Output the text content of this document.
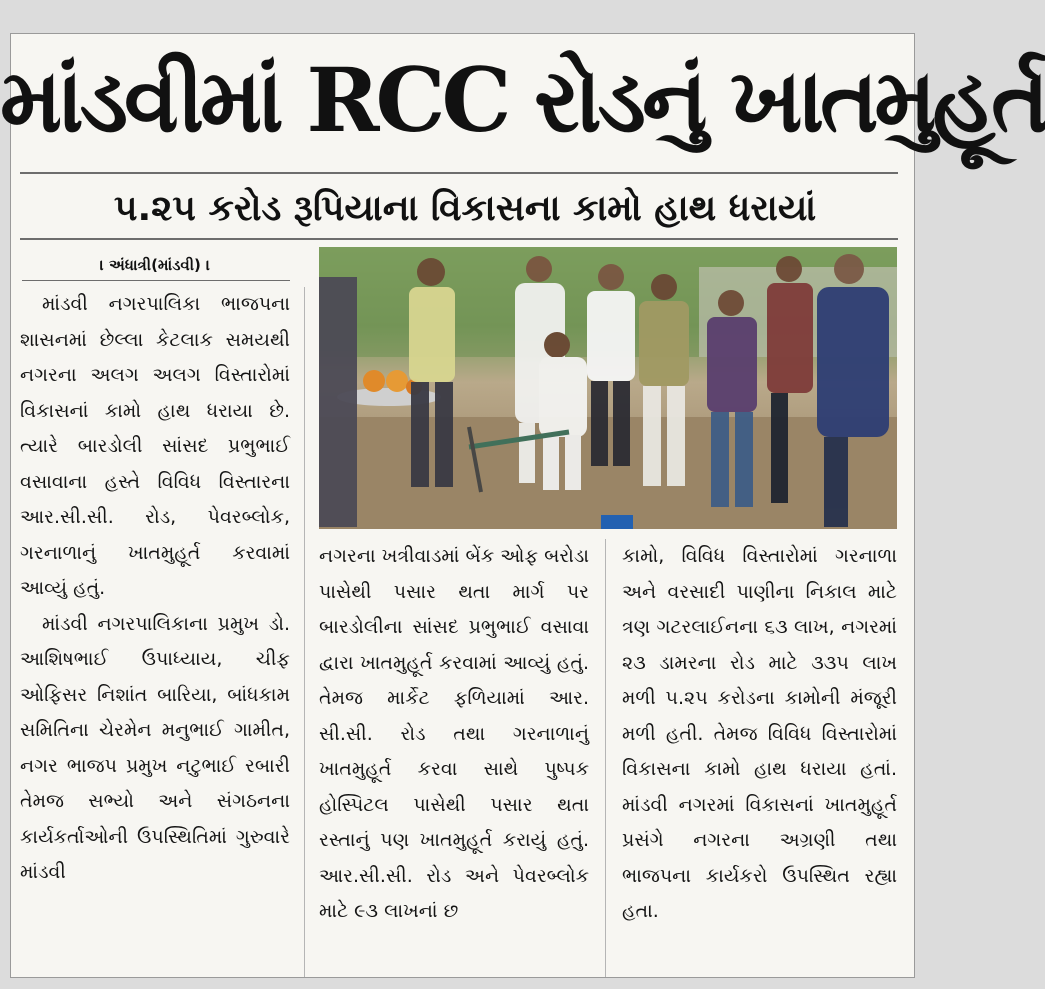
માંડવીમાં RCC રોડનું ખાતમુહૂર્ત
૫.૨૫ કરોડ રૂપિયાના વિકાસના કામો હાથ ધરાયાં
। અંધાત્રી(માંડવી) ।

માંડવી નગરપાલિકા ભાજપના શાસનમાં છેલ્લા કેટલાક સમયથી નગરના અલગ અલગ વિસ્તારોમાં વિકાસનાં કામો હાથ ધરાયા છે. ત્યારે બારડોલી સાંસદ પ્રભુભાઈ વસાવાના હસ્તે વિવિધ વિસ્તારના આર.સી.સી. રોડ, પેવરબ્લોક, ગરનાળાનું ખાતમુહૂર્ત કરવામાં આવ્યું હતું.

માંડવી નગરપાલિકાના પ્રમુખ ડો. આશિષભાઈ ઉપાધ્યાય, ચીફ ઓફિસર નિશાંત બારિયા, બાંધકામ સમિતિના ચેરમેન મનુભાઈ ગામીત, નગર ભાજપ પ્રમુખ નટુભાઈ રબારી તેમજ સભ્યો અને સંગઠનના કાર્યકર્તાઓની ઉપસ્થિતિમાં ગુરુવારે માંડવી

નગરના ખત્રીવાડમાં બેંક ઓફ બરોડા પાસેથી પસાર થતા માર્ગ પર બારડોલીના સાંસદ પ્રભુભાઈ વસાવા દ્વારા ખાતમુહૂર્ત કરવામાં આવ્યું હતું. તેમજ માર્કેટ ફળિયામાં આર. સી.સી. રોડ તથા ગરનાળાનું ખાતમુહૂર્ત કરવા સાથે પુષ્પક હોસ્પિટલ પાસેથી પસાર થતા રસ્તાનું પણ ખાતમુહૂર્ત કરાયું હતું. આર.સી.સી. રોડ અને પેવરબ્લોક માટે ૯૩ લાખનાં છ

કામો, વિવિધ વિસ્તારોમાં ગરનાળા અને વરસાદી પાણીના નિકાલ માટે ત્રણ ગટરલાઈનના ૬૩ લાખ, નગરમાં ૨૩ ડામરના રોડ માટે ૩૩૫ લાખ મળી ૫.૨૫ કરોડના કામોની મંજૂરી મળી હતી. તેમજ વિવિધ વિસ્તારોમાં વિકાસના કામો હાથ ધરાયા હતાં. માંડવી નગરમાં વિકાસનાં ખાતમુહૂર્ત પ્રસંગે નગરના અગ્રણી તથા ભાજપના કાર્યકરો ઉપસ્થિત રહ્યા હતા.
